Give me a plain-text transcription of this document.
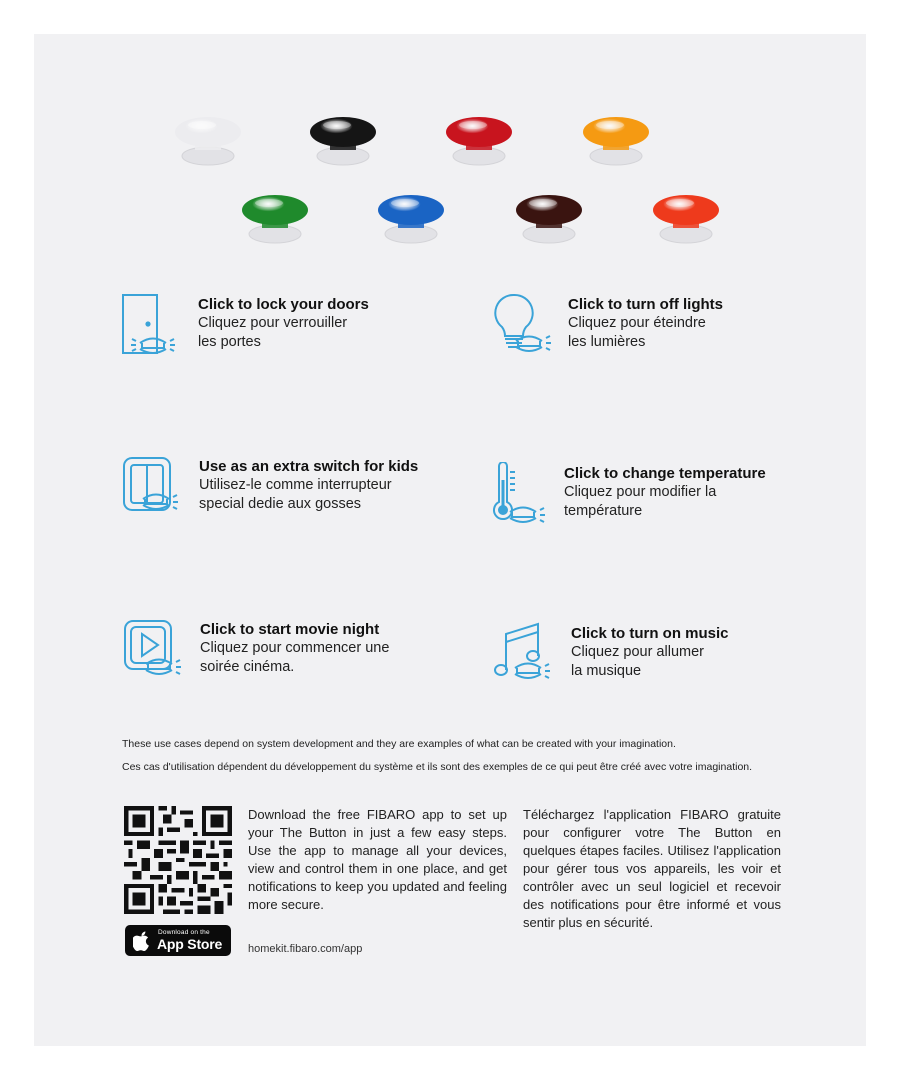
Click to lock your doors
Cliquez pour verrouiller
les portes
Click to turn off lights
Cliquez pour éteindre
les lumières
Use as an extra switch for kids
Utilisez-le comme interrupteur
special dedie aux gosses
Click to change temperature
Cliquez pour modifier la
température
Click to start movie night
Cliquez pour commencer une
soirée cinéma.
Click to turn on music
Cliquez pour allumer
la musique
These use cases depend on system development and they are examples of what can be created with your imagination.
Ces cas d'utilisation dépendent du développement du système et ils sont des exemples de ce qui peut être créé avec votre imagination.
Download on the
App Store
Download the free FIBARO app to set up your The Button in just a few easy steps. Use the app to manage all your devices, view and control them in one place, and get notifications to keep you updated and feeling more secure.
Téléchargez l'application FIBARO gratuite pour configurer votre The Button en quelques étapes faciles. Utilisez l'application pour gérer tous vos appareils, les voir et contrôler avec un seul logiciel et recevoir des notifications pour être informé et vous sentir plus en sécurité.
homekit.fibaro.com/app
